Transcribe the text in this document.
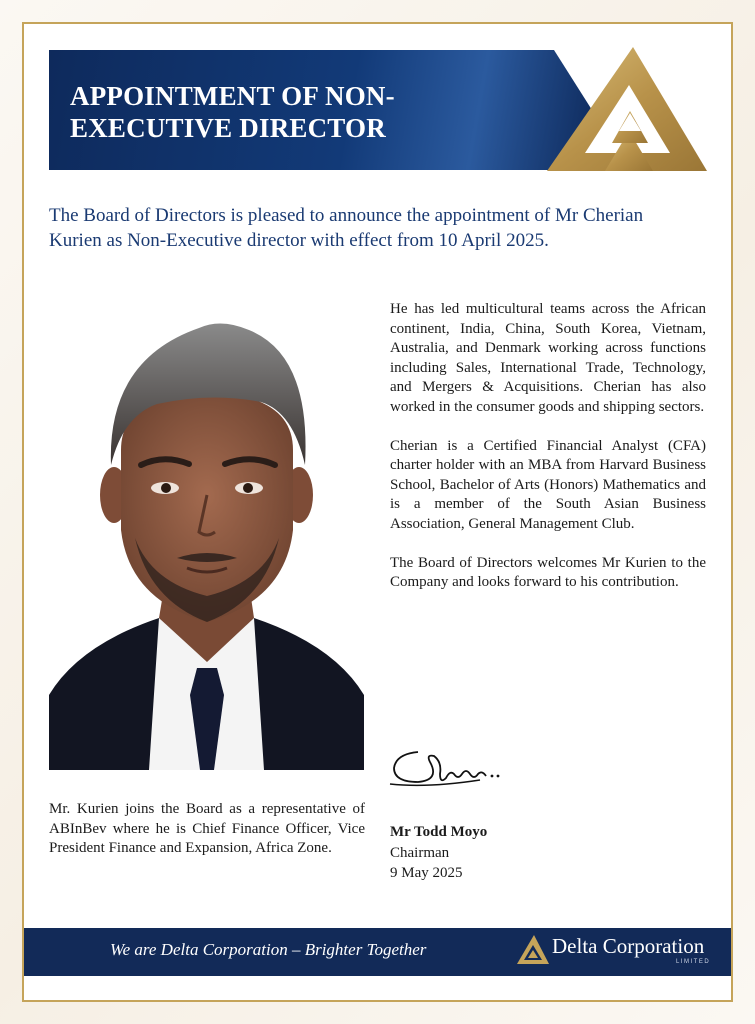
APPOINTMENT OF NON-
EXECUTIVE DIRECTOR
The Board of Directors is pleased to announce the appointment of Mr Cherian Kurien as Non-Executive director with effect from 10 April 2025.

He has led multicultural teams across the African continent, India, China, South Korea, Vietnam, Australia, and Denmark working across functions including Sales, International Trade, Technology, and Mergers & Acquisitions. Cherian has also worked in the consumer goods and shipping sectors.

Cherian is a Certified Financial Analyst (CFA) charter holder with an MBA from Harvard Business School, Bachelor of Arts (Honors) Mathematics and is a member of the South Asian Business Association, General Management Club.

The Board of Directors welcomes Mr Kurien to the Company and looks forward to his contribution.

Mr. Kurien joins the Board as a representative of ABInBev where he is Chief Finance Officer, Vice President Finance and Expansion, Africa Zone.
Mr Todd Moyo
Chairman
9 May 2025
We are Delta Corporation – Brighter Together	Delta Corporation
LIMITED
